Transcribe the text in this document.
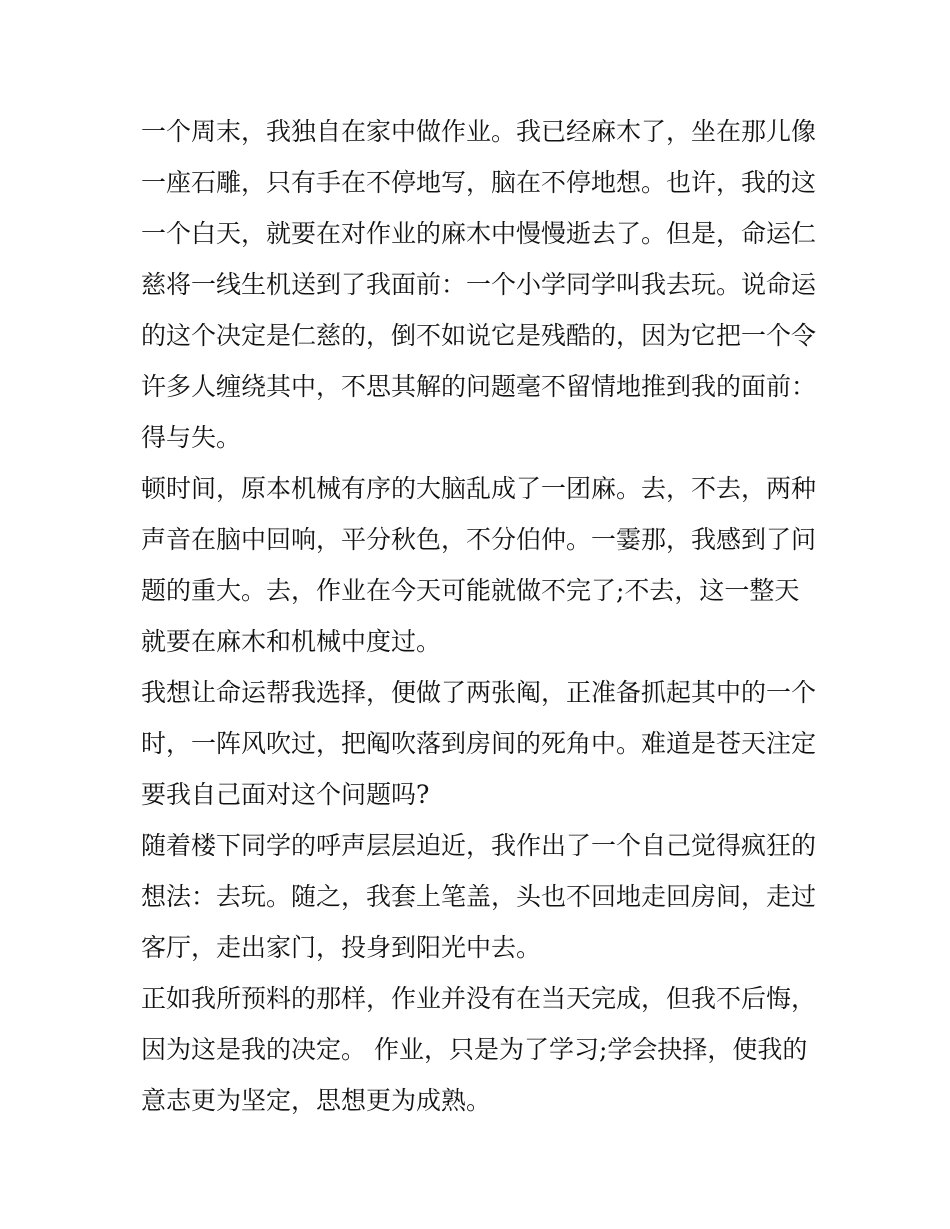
一个周末，我独自在家中做作业。我已经麻木了，坐在那儿像
一座石雕，只有手在不停地写，脑在不停地想。也许，我的这
一个白天，就要在对作业的麻木中慢慢逝去了。但是，命运仁
慈将一线生机送到了我面前：一个小学同学叫我去玩。说命运
的这个决定是仁慈的，倒不如说它是残酷的，因为它把一个令
许多人缠绕其中，不思其解的问题毫不留情地推到我的面前：
得与失。
顿时间，原本机械有序的大脑乱成了一团麻。去，不去，两种
声音在脑中回响，平分秋色，不分伯仲。一霎那，我感到了问
题的重大。去，作业在今天可能就做不完了;不去，这一整天
就要在麻木和机械中度过。
我想让命运帮我选择，便做了两张阄，正准备抓起其中的一个
时，一阵风吹过，把阄吹落到房间的死角中。难道是苍天注定
要我自己面对这个问题吗?
随着楼下同学的呼声层层迫近，我作出了一个自己觉得疯狂的
想法：去玩。随之，我套上笔盖，头也不回地走回房间，走过
客厅，走出家门，投身到阳光中去。
正如我所预料的那样，作业并没有在当天完成，但我不后悔，
因为这是我的决定。 作业，只是为了学习;学会抉择，使我的
意志更为坚定，思想更为成熟。
